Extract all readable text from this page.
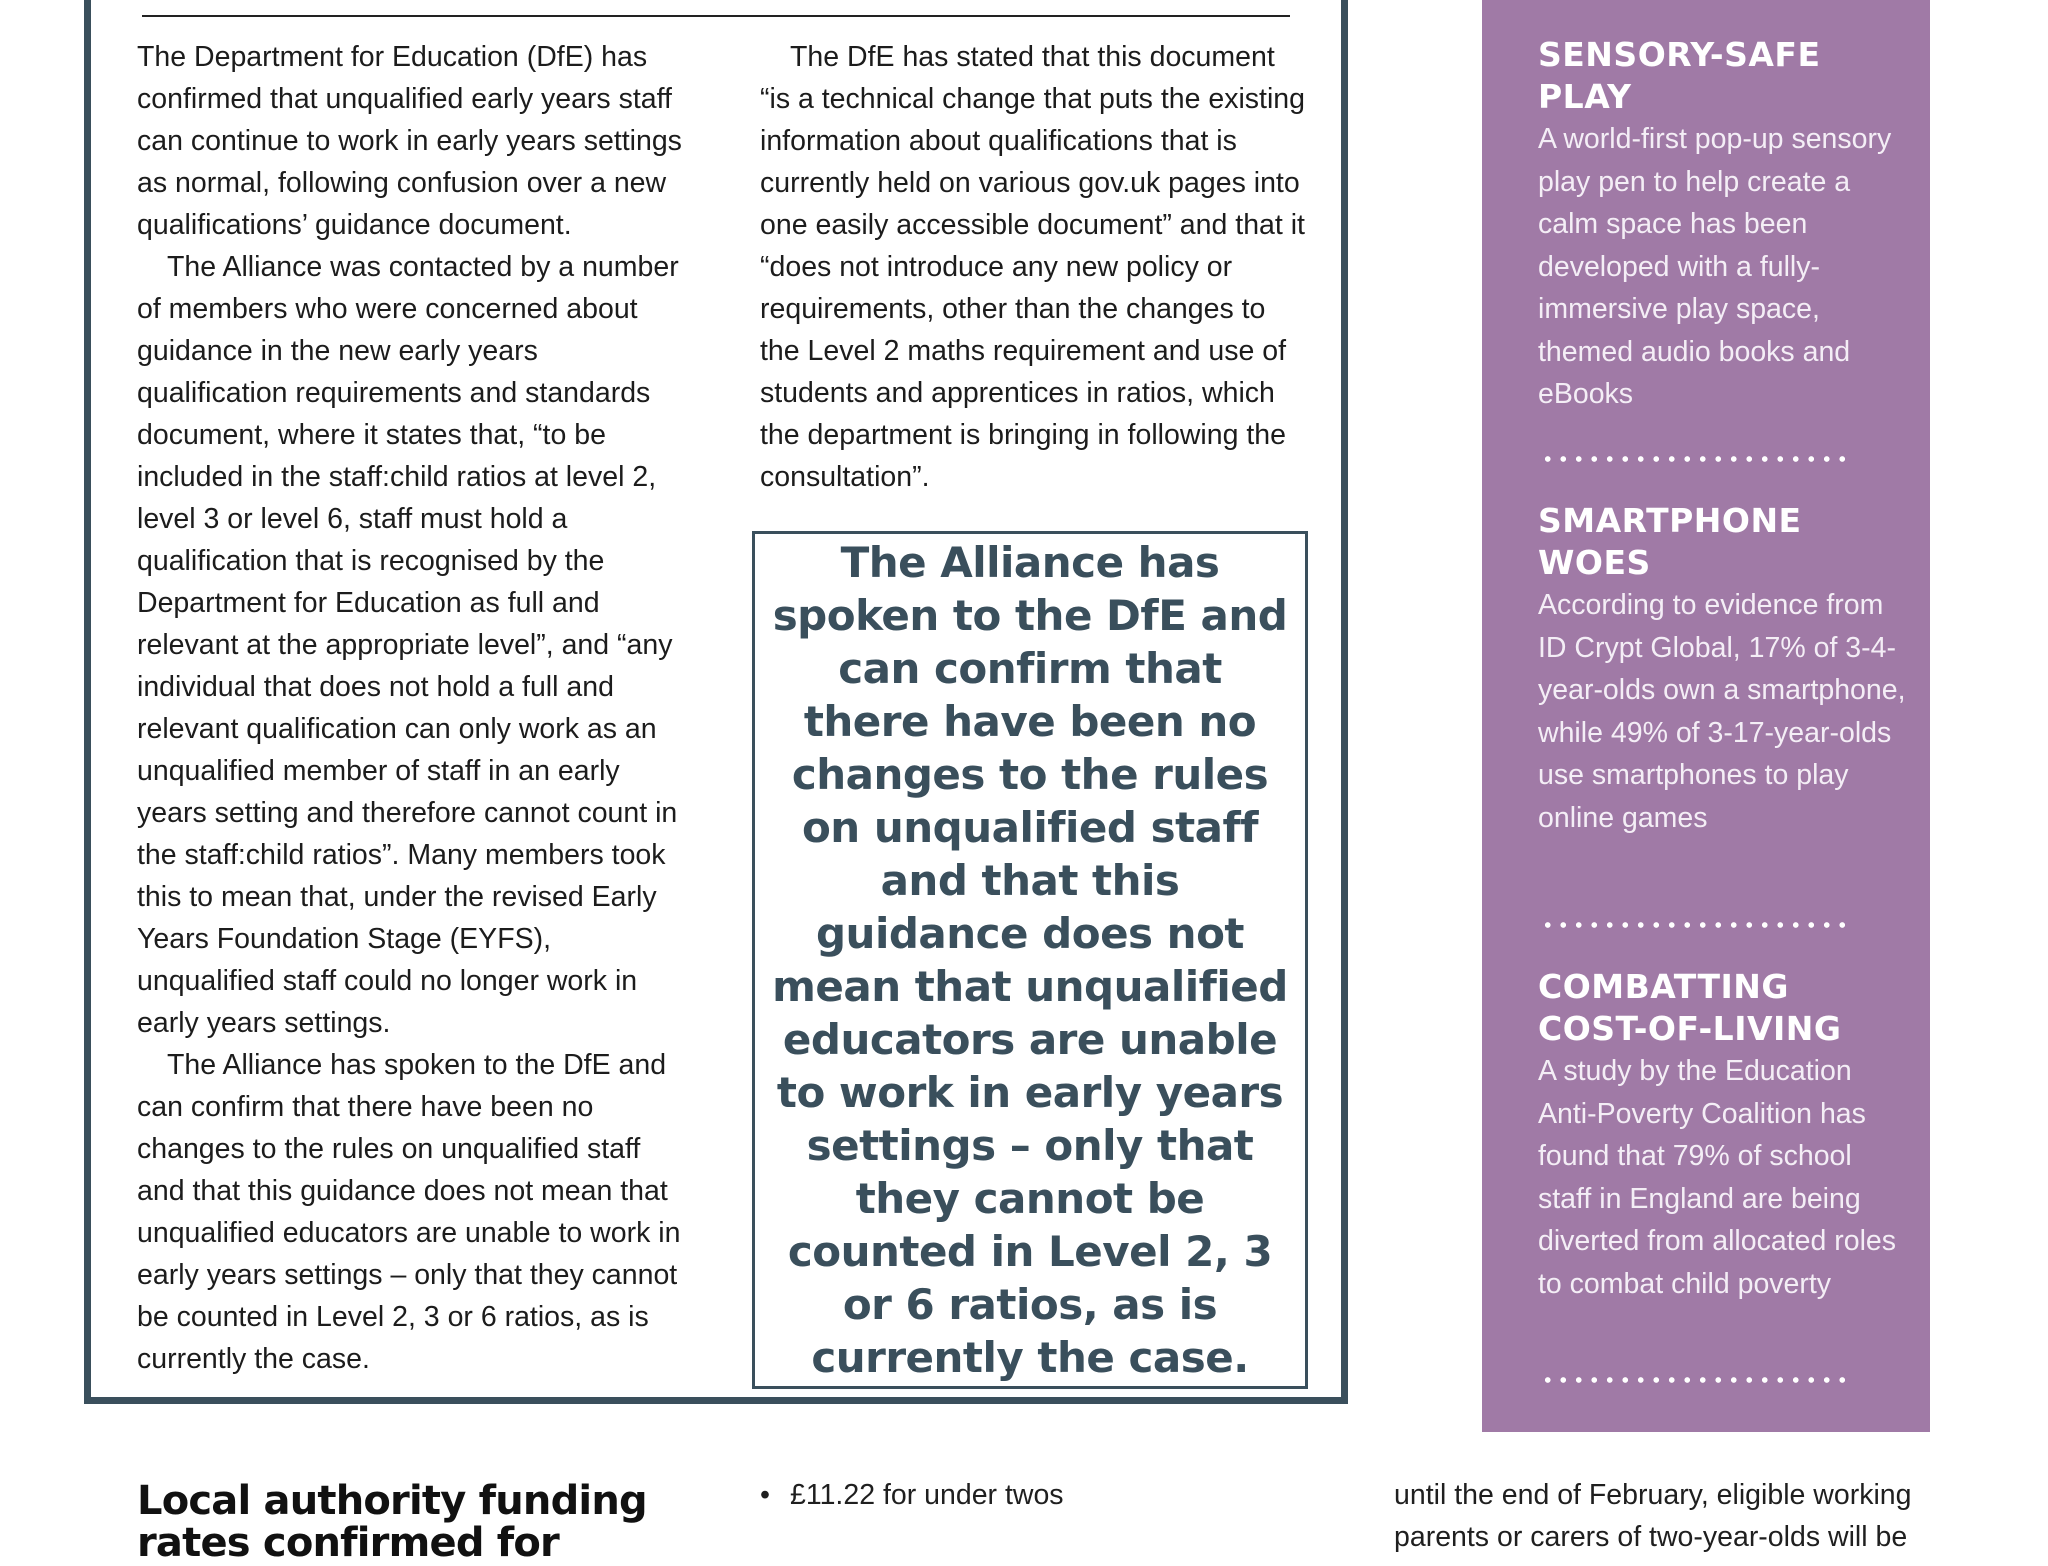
The Department for Education (DfE) has confirmed that unqualified early years staff can continue to work in early years settings as normal, following confusion over a new qualifications’ guidance document.

The Alliance was contacted by a number of members who were concerned about guidance in the new early years qualification requirements and standards document, where it states that, “to be included in the staff:child ratios at level 2, level 3 or level 6, staff must hold a qualification that is recognised by the Department for Education as full and relevant at the appropriate level”, and “any individual that does not hold a full and relevant qualification can only work as an unqualified member of staff in an early years setting and therefore cannot count in the staff:child ratios”. Many members took this to mean that, under the revised Early Years Foundation Stage (EYFS), unqualified staff could no longer work in early years settings.

The Alliance has spoken to the DfE and can confirm that there have been no changes to the rules on unqualified staff and that this guidance does not mean that unqualified educators are unable to work in early years settings – only that they cannot be counted in Level 2, 3 or 6 ratios, as is currently the case.

The DfE has stated that this document “is a technical change that puts the existing information about qualifications that is currently held on various gov.uk pages into one easily accessible document” and that it “does not introduce any new policy or requirements, other than the changes to the Level 2 maths requirement and use of students and apprentices in ratios, which the department is bringing in following the consultation”.

The Alliance has spoken to the DfE and can confirm that there have been no changes to the rules on unqualified staff and that this guidance does not mean that unqualified educators are unable to work in early years settings – only that they cannot be counted in Level 2, 3 or 6 ratios, as is currently the case.
SENSORY-SAFE PLAY
A world-first pop-up sensory play pen to help create a calm space has been developed with a fully-immersive play space, themed audio books and eBooks
SMARTPHONE WOES
According to evidence from ID Crypt Global, 17% of 3-4-year-olds own a smartphone, while 49% of 3-17-year-olds use smartphones to play online games
COMBATTING COST-OF-LIVING
A study by the Education Anti-Poverty Coalition has found that 79% of school staff in England are being diverted from allocated roles to combat child poverty
Local authority funding rates confirmed for
• £11.22 for under twos	until the end of February, eligible working parents or carers of two-year-olds will be
